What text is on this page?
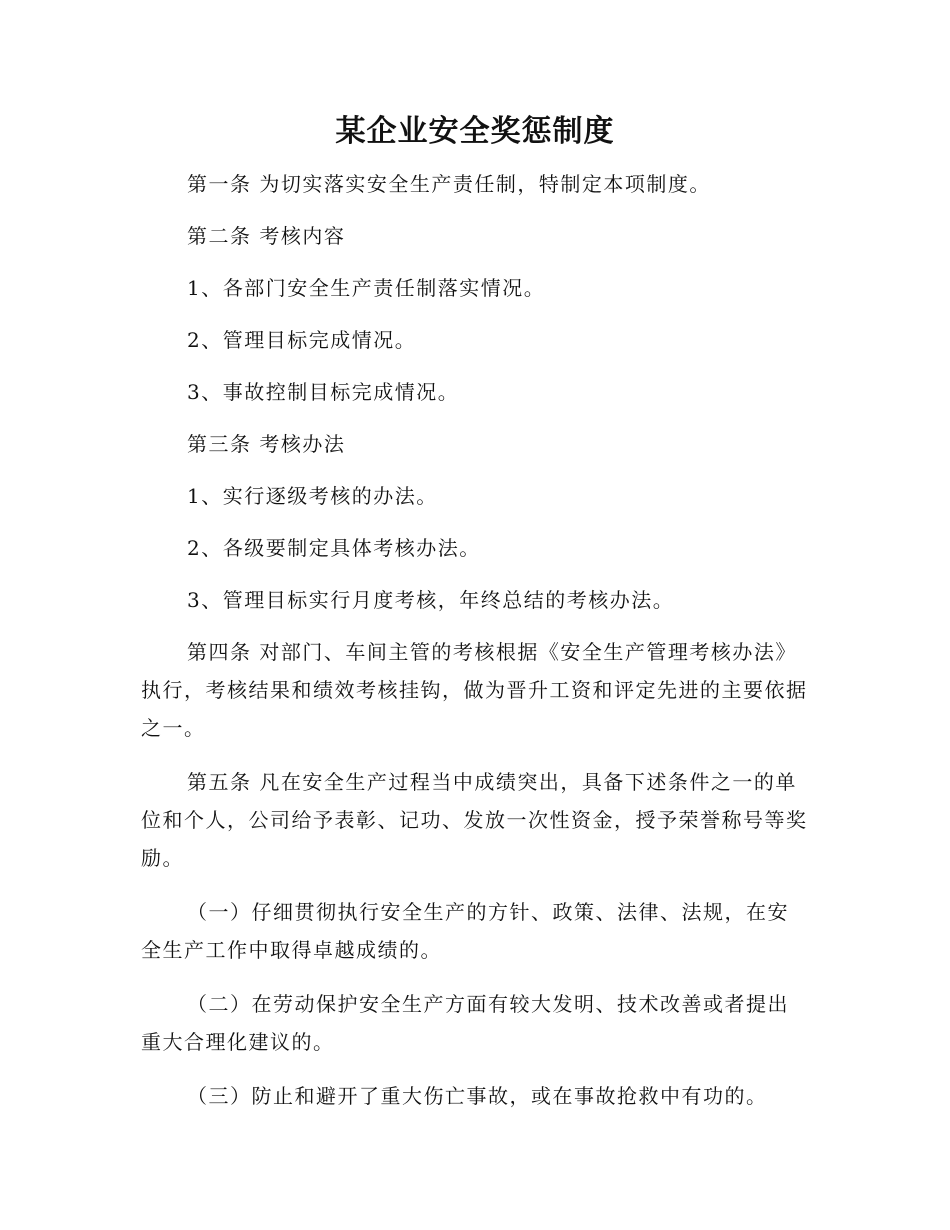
某企业安全奖惩制度

第一条 为切实落实安全生产责任制，特制定本项制度。

第二条 考核内容

1、各部门安全生产责任制落实情况。

2、管理目标完成情况。

3、事故控制目标完成情况。

第三条 考核办法

1、实行逐级考核的办法。

2、各级要制定具体考核办法。

3、管理目标实行月度考核，年终总结的考核办法。

第四条 对部门、车间主管的考核根据《安全生产管理考核办法》执行，考核结果和绩效考核挂钩，做为晋升工资和评定先进的主要依据之一。

第五条 凡在安全生产过程当中成绩突出，具备下述条件之一的单位和个人，公司给予表彰、记功、发放一次性资金，授予荣誉称号等奖励。

（一）仔细贯彻执行安全生产的方针、政策、法律、法规，在安全生产工作中取得卓越成绩的。

（二）在劳动保护安全生产方面有较大发明、技术改善或者提出重大合理化建议的。

（三）防止和避开了重大伤亡事故，或在事故抢救中有功的。
